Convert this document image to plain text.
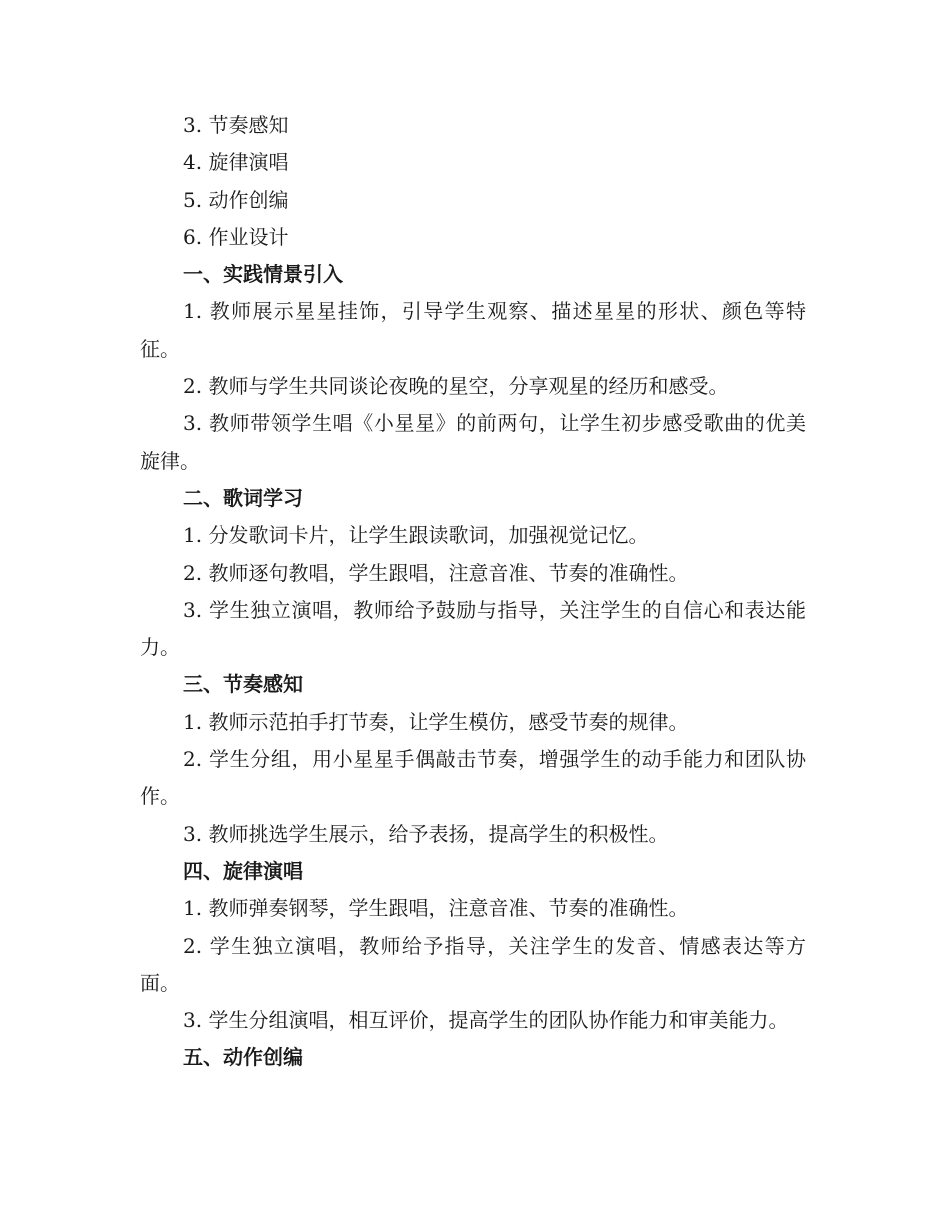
3. 节奏感知

4. 旋律演唱

5. 动作创编

6. 作业设计

一、实践情景引入

1. 教师展示星星挂饰，引导学生观察、描述星星的形状、颜色等特征。

2. 教师与学生共同谈论夜晚的星空，分享观星的经历和感受。

3. 教师带领学生唱《小星星》的前两句，让学生初步感受歌曲的优美旋律。

二、歌词学习

1. 分发歌词卡片，让学生跟读歌词，加强视觉记忆。

2. 教师逐句教唱，学生跟唱，注意音准、节奏的准确性。

3. 学生独立演唱，教师给予鼓励与指导，关注学生的自信心和表达能力。

三、节奏感知

1. 教师示范拍手打节奏，让学生模仿，感受节奏的规律。

2. 学生分组，用小星星手偶敲击节奏，增强学生的动手能力和团队协作。

3. 教师挑选学生展示，给予表扬，提高学生的积极性。

四、旋律演唱

1. 教师弹奏钢琴，学生跟唱，注意音准、节奏的准确性。

2. 学生独立演唱，教师给予指导，关注学生的发音、情感表达等方面。

3. 学生分组演唱，相互评价，提高学生的团队协作能力和审美能力。

五、动作创编
